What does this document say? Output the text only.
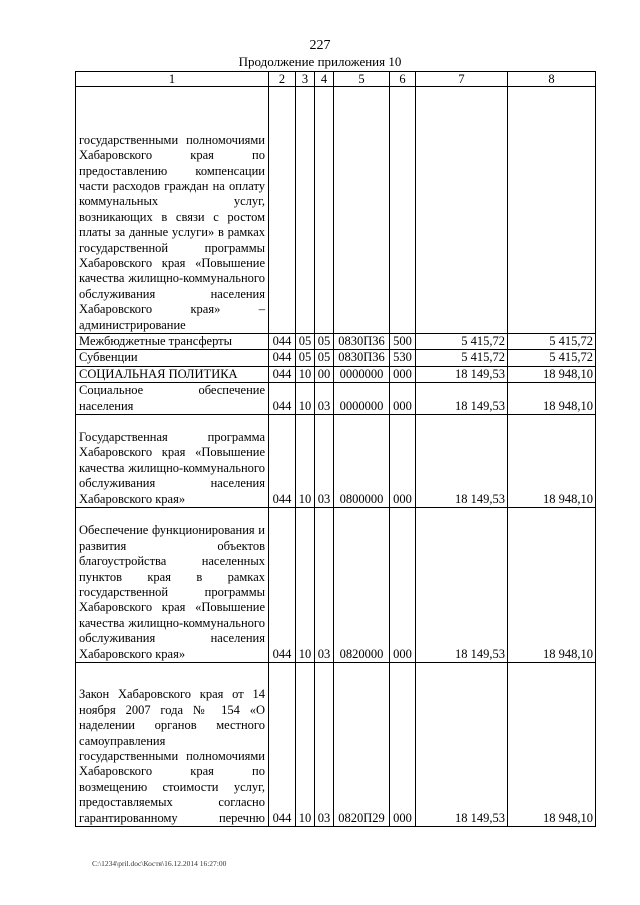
227
Продолжение приложения 10
1	2	3	4	5	6	7	8
государственными полномочиями Хабаровского края по предоставлению компенсации части расходов граждан на оплату коммунальных услуг, возникающих в связи с ростом платы за данные услуги» в рамках государственной программы Хабаровского края «Повышение качества жилищно-коммунального обслуживания населения Хабаровского края» – администрирование							
Межбюджетные трансферты	044	05	05	0830П36	500	5 415,72	5 415,72
Субвенции	044	05	05	0830П36	530	5 415,72	5 415,72
СОЦИАЛЬНАЯ ПОЛИТИКА	044	10	00	0000000	000	18 149,53	18 948,10
Социальное обеспечение населения	044	10	03	0000000	000	18 149,53	18 948,10
Государственная программа Хабаровского края «Повышение качества жилищно-коммунального обслуживания населения Хабаровского края»	044	10	03	0800000	000	18 149,53	18 948,10
Обеспечение функционирования и развития объектов благоустройства населенных пунктов края в рамках государственной программы Хабаровского края «Повышение качества жилищно-коммунального обслуживания населения Хабаровского края»	044	10	03	0820000	000	18 149,53	18 948,10
Закон Хабаровского края от 14 ноября 2007 года № 154 «О наделении органов местного самоуправления государственными полномочиями Хабаровского края по возмещению стоимости услуг, предоставляемых согласно гарантированному перечню	044	10	03	0820П29	000	18 149,53	18 948,10
C:\1234\pril.doc\Костя\16.12.2014 16:27:00
